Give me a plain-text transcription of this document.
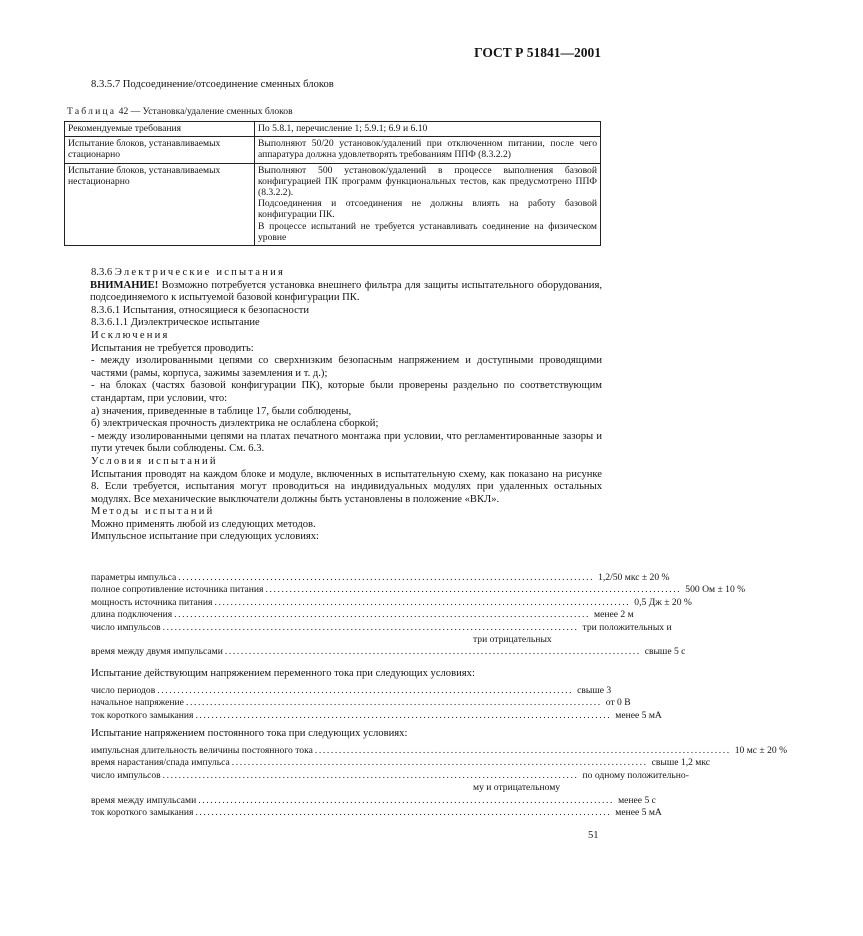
ГОСТ Р 51841—2001
8.3.5.7 Подсоединение/отсоединение сменных блоков
Таблица 42 — Установка/удаление сменных блоков
Рекомендуемые требования	По 5.8.1, перечисление 1; 5.9.1; 6.9 и 6.10
Испытание блоков, устанавливаемых стационарно	Выполняют 50/20 установок/удалений при отключенном питании, после чего аппаратура должна удовлетворять требованиям ППФ (8.3.2.2)
Испытание блоков, устанавливаемых нестационарно	Выполняют 500 установок/удалений в процессе выполнения базовой конфигурацией ПК программ функциональных тестов, как предусмотрено ППФ (8.3.2.2).
Подсоединения и отсоединения не должны влиять на работу базовой конфигурации ПК.
В процессе испытаний не требуется устанавливать соединение на физическом уровне

8.3.6 Электрические испытания

ВНИМАНИЕ! Возможно потребуется установка внешнего фильтра для защиты испытательного оборудования, подсоединяемого к испытуемой базовой конфигурации ПК.

8.3.6.1 Испытания, относящиеся к безопасности

8.3.6.1.1 Диэлектрическое испытание

Исключения

Испытания не требуется проводить:

- между изолированными цепями со сверхнизким безопасным напряжением и доступными проводящими частями (рамы, корпуса, зажимы заземления и т. д.);

- на блоках (частях базовой конфигурации ПК), которые были проверены раздельно по соответствующим стандартам, при условии, что:

а) значения, приведенные в таблице 17, были соблюдены,

б) электрическая прочность диэлектрика не ослаблена сборкой;

- между изолированными цепями на платах печатного монтажа при условии, что регламентированные зазоры и пути утечек были соблюдены. См. 6.3.

Условия испытаний

Испытания проводят на каждом блоке и модуле, включенных в испытательную схему, как показано на рисунке 8. Если требуется, испытания могут проводиться на индивидуальных модулях при удаленных остальных модулях. Все механические выключатели должны быть установлены в положение «ВКЛ».

Методы испытаний

Можно применять любой из следующих методов.

Импульсное испытание при следующих условиях:

параметры импульса ........................................................................................................ 1,2/50 мкс ± 20 %
полное сопротивление источника питания ........................................................................................................ 500 Ом ± 10 %
мощность источника питания ........................................................................................................ 0,5 Дж ± 20 %
длина подключения ........................................................................................................ менее 2 м
число импульсов ........................................................................................................ три положительных и
три отрицательных
время между двумя импульсами ........................................................................................................ свыше 5 с
Испытание действующим напряжением переменного тока при следующих условиях:
число периодов ........................................................................................................ свыше 3
начальное напряжение ........................................................................................................ от 0 В
ток короткого замыкания ........................................................................................................ менее 5 мА
Испытание напряжением постоянного тока при следующих условиях:
импульсная длительность величины постоянного тока ........................................................................................................ 10 мс ± 20 %
время нарастания/спада импульса ........................................................................................................ свыше 1,2 мкс
число импульсов ........................................................................................................ по одному положительно-
му и отрицательному
время между импульсами ........................................................................................................ менее 5 с
ток короткого замыкания ........................................................................................................ менее 5 мА
51
